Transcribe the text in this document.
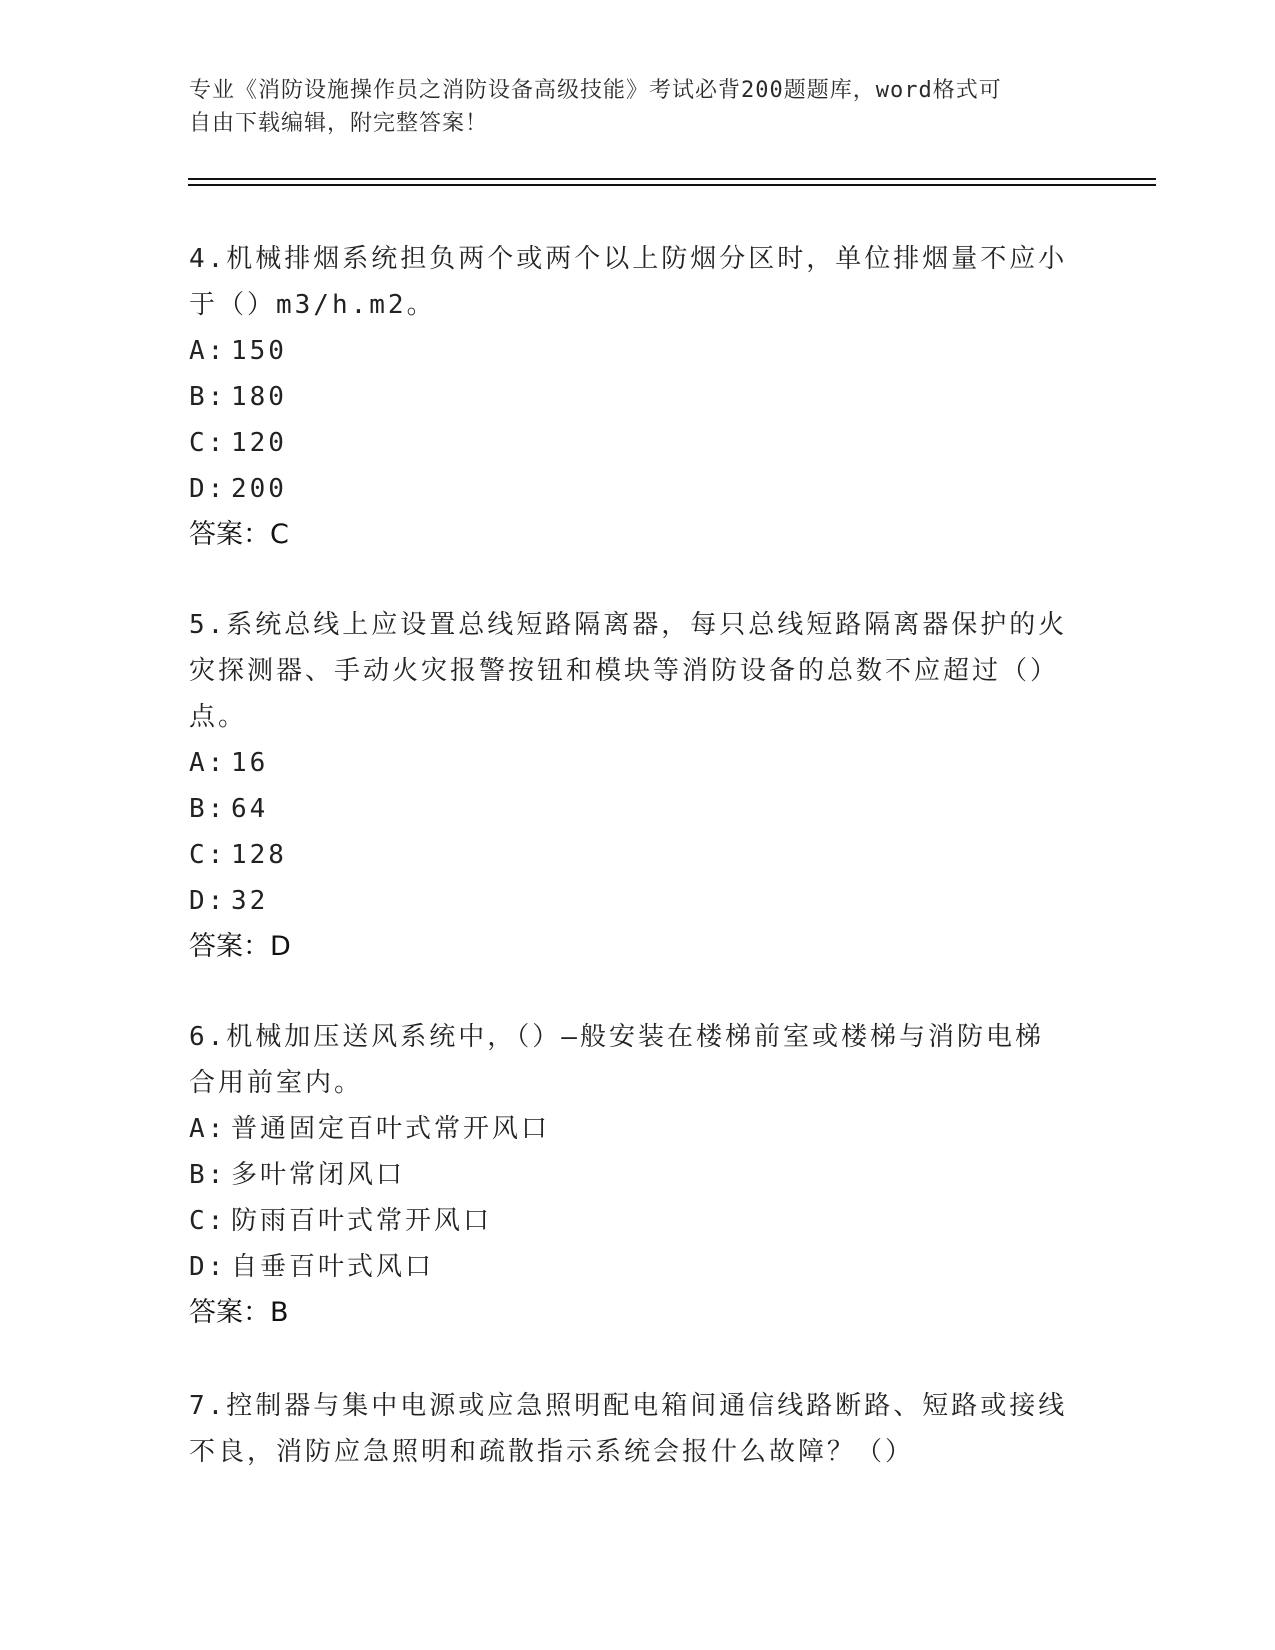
专业《消防设施操作员之消防设备高级技能》考试必背200题题库，word格式可
自由下载编辑，附完整答案！

4.机械排烟系统担负两个或两个以上防烟分区时，单位排烟量不应小

于（）m3/h.m2。

A: 150

B: 180

C: 120

D: 200

答案：C

5.系统总线上应设置总线短路隔离器，每只总线短路隔离器保护的火

灾探测器、手动火灾报警按钮和模块等消防设备的总数不应超过（）

点。

A: 16

B: 64

C: 128

D: 32

答案：D

6.机械加压送风系统中，（）—般安装在楼梯前室或楼梯与消防电梯

合用前室内。

A: 普通固定百叶式常开风口

B: 多叶常闭风口

C: 防雨百叶式常开风口

D: 自垂百叶式风口

答案：B

7.控制器与集中电源或应急照明配电箱间通信线路断路、短路或接线

不良，消防应急照明和疏散指示系统会报什么故障？（）
